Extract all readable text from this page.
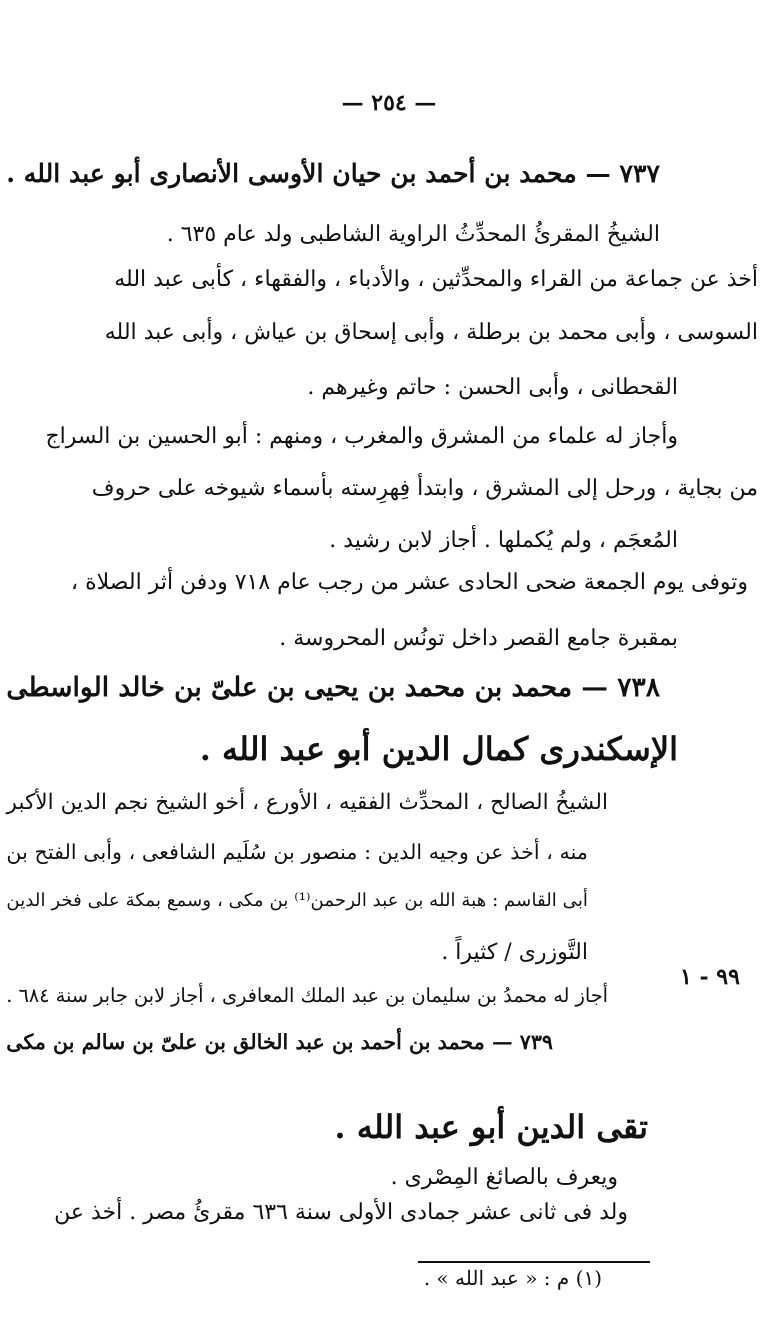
— ٢٥٤ —
٧٣٧ — محمد بن أحمد بن حيان الأوسى الأنصارى أبو عبد الله .
الشيخُ المقرئُ المحدِّثُ الراوية الشاطبى ولد عام ٦٣٥ .
أخذ عن جماعة من القراء والمحدِّثين ، والأدباء ، والفقهاء ، كأبى عبد الله
السوسى ، وأبى محمد بن برطلة ، وأبى إسحاق بن عياش ، وأبى عبد الله
القحطانى ، وأبى الحسن : حاتم وغيرهم .
وأجاز له علماء من المشرق والمغرب ، ومنهم : أبو الحسين بن السراج
من بجاية ، ورحل إلى المشرق ، وابتدأ فِهرِسته بأسماء شيوخه على حروف
المُعجَم ، ولم يُكملها . أجاز لابن رشيد .
وتوفى يوم الجمعة ضحى الحادى عشر من رجب عام ٧١٨ ودفن أثر الصلاة ،
بمقبرة جامع القصر داخل تونُس المحروسة .
٧٣٨ — محمد بن محمد بن يحيى بن علىّ بن خالد الواسطى
الإسكندرى كمال الدين أبو عبد الله .
الشيخُ الصالح ، المحدِّث الفقيه ، الأورع ، أخو الشيخ نجم الدين الأكبر
منه ، أخذ عن وجيه الدين : منصور بن سُلَيم الشافعى ، وأبى الفتح بن
أبى القاسم : هبة الله بن عبد الرحمن⁽¹⁾ بن مكى ، وسمع بمكة على فخر الدين
التَّوزرى / كثيراً .
أجاز له محمدُ بن سليمان بن عبد الملك المعافرى ، أجاز لابن جابر سنة ٦٨٤ .
٩٩ - ١
٧٣٩ — محمد بن أحمد بن عبد الخالق بن علىّ بن سالم بن مكى
تقى الدين أبو عبد الله .
ويعرف بالصائغ المِصْرى .
ولد فى ثانى عشر جمادى الأولى سنة ٦٣٦ مقرئُ مصر . أخذ عن
(١) م : « عبد الله » .
